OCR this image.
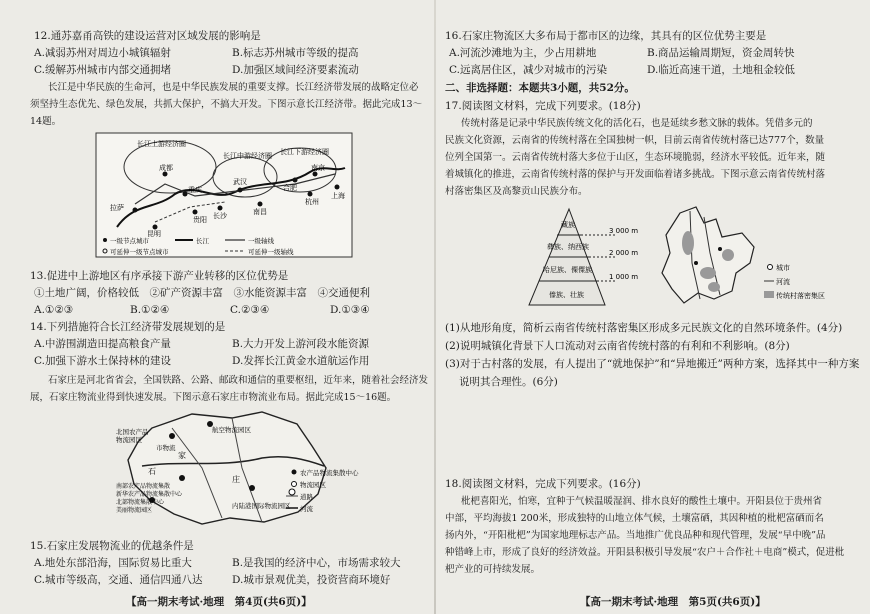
12.通苏嘉甬高铁的建设运营对区域发展的影响是
A.减弱苏州对周边小城镇辐射	B.标志苏州城市等级的提高
C.缓解苏州城市内部交通拥堵	D.加强区域间经济要素流动
长江是中华民族的生命河，也是中华民族发展的重要支撑。长江经济带发展的战略定位必
须坚持生态优先、绿色发展，共抓大保护，不搞大开发。下图示意长江经济带。据此完成13～
14题。
长江上游经济圈
长江中游经济圈 长江下游经济圈
成都
重庆
拉萨
昆明
贵阳 长沙
武汉
南昌
合肥
南京
杭州
上海
一级节点城市
可延伸一级节点城市
长江	一级轴线
可延伸一级轴线
13.促进中上游地区有序承接下游产业转移的区位优势是
①土地广阔，价格较低　②矿产资源丰富　③水能资源丰富　④交通便利
A.①②③	B.①②④	C.②③④	D.①③④
14.下列措施符合长江经济带发展规划的是
A.中游围湖造田提高粮食产量	B.大力开发上游河段水能资源
C.加强下游水土保持林的建设	D.发挥长江黄金水道航运作用
石家庄是河北省省会，全国铁路、公路、邮政和通信的重要枢纽，近年来，随着社会经济发
展，石家庄物流业得到快速发展。下图示意石家庄市物流业布局。据此完成15～16题。
北国农产品
物流园区
市物流
航空物流园区
石
家
庄
南部农产品物流集散
新华农产品物流集散中心
北部物流集散中心
美丽物流园区
内陆港国际物流园区
农产品物流集散中心
物流园区
道路
河流
15.石家庄发展物流业的优越条件是
A.地处东部沿海，国际贸易比重大	B.是我国的经济中心，市场需求较大
C.城市等级高，交通、通信四通八达	D.城市景观优美，投资营商环境好
【高一期末考试·地理　第4页(共6页)】
16.石家庄物流区大多布局于都市区的边缘，其具有的区位优势主要是
A.河流沙滩地为主，少占用耕地	B.商品运输周期短，资金周转快
C.远离居住区，减少对城市的污染	D.临近高速干道，土地租金较低
二、非选择题：本题共3小题，共52分。
17.阅读图文材料，完成下列要求。(18分)
传统村落是记录中华民族传统文化的活化石，也是延续乡愁文脉的载体。凭借多元的
民族文化资源，云南省的传统村落在全国独树一帜，目前云南省传统村落已达777个，数量
位列全国第一。云南省传统村落大多位于山区，生态环境脆弱，经济水平较低。近年来，随
着城镇化的推进，云南省传统村落的保护与开发面临着诸多挑战。下图示意云南省传统村落
村落密集区及高黎贡山民族分布。
藏族
彝族、纳西族
哈尼族、傈僳族
傣族、壮族
3 000 m
2 000 m
1 000 m
城市
河流
传统村落密集区
(1)从地形角度，简析云南省传统村落密集区形成多元民族文化的自然环境条件。(4分)
(2)说明城镇化背景下人口流动对云南省传统村落的有利和不利影响。(8分)
(3)对于古村落的发展，有人提出了“就地保护”和“异地搬迁”两种方案，选择其中一种方案
说明其合理性。(6分)
18.阅读图文材料，完成下列要求。(16分)
枇杷喜阳光，怕寒，宜种于气候温暖湿润、排水良好的酸性土壤中。开阳县位于贵州省
中部，平均海拔1 200米，形成独特的山地立体气候，土壤富硒，其因种植的枇杷富硒而名
扬内外，“开阳枇杷”为国家地理标志产品。当地推广优良品种和现代管理，发展“早中晚”品
种错峰上市，形成了良好的经济效益。开阳县积极引导发展“农户＋合作社＋电商”模式，促进枇
杷产业的可持续发展。
【高一期末考试·地理　第5页(共6页)】
